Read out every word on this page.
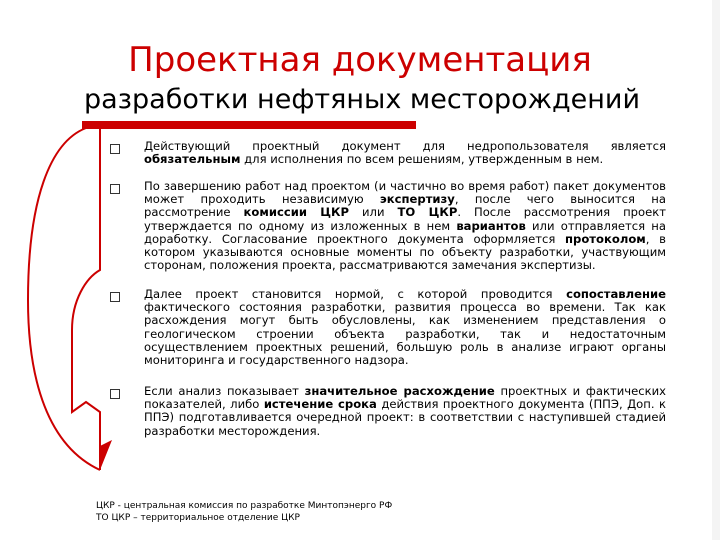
Проектная документация
разработки нефтяных месторождений

Действующий проектный документ для недропользователя является обязательным для исполнения по всем решениям, утвержденным в нем.

По завершению работ над проектом (и частично во время работ) пакет документов может проходить независимую экспертизу, после чего выносится на рассмотрение комиссии ЦКР или ТО ЦКР. После рассмотрения проект утверждается по одному из изложенных в нем вариантов или отправляется на доработку. Согласование проектного документа оформляется протоколом, в котором указываются основные моменты по объекту разработки, участвующим сторонам, положения проекта, рассматриваются замечания экспертизы.

Далее проект становится нормой, с которой проводится сопоставление фактического состояния разработки, развития процесса во времени. Так как расхождения могут быть обусловлены, как изменением представления о геологическом строении объекта разработки, так и недостаточным осуществлением проектных решений, большую роль в анализе играют органы мониторинга и государственного надзора.

Если анализ показывает значительное расхождение проектных и фактических показателей, либо истечение срока действия проектного документа (ППЭ, Доп. к ППЭ) подготавливается очередной проект: в соответствии с наступившей стадией разработки месторождения.

ЦКР - центральная комиссия по разработке Минтопэнерго РФ
ТО ЦКР – территориальное отделение ЦКР
